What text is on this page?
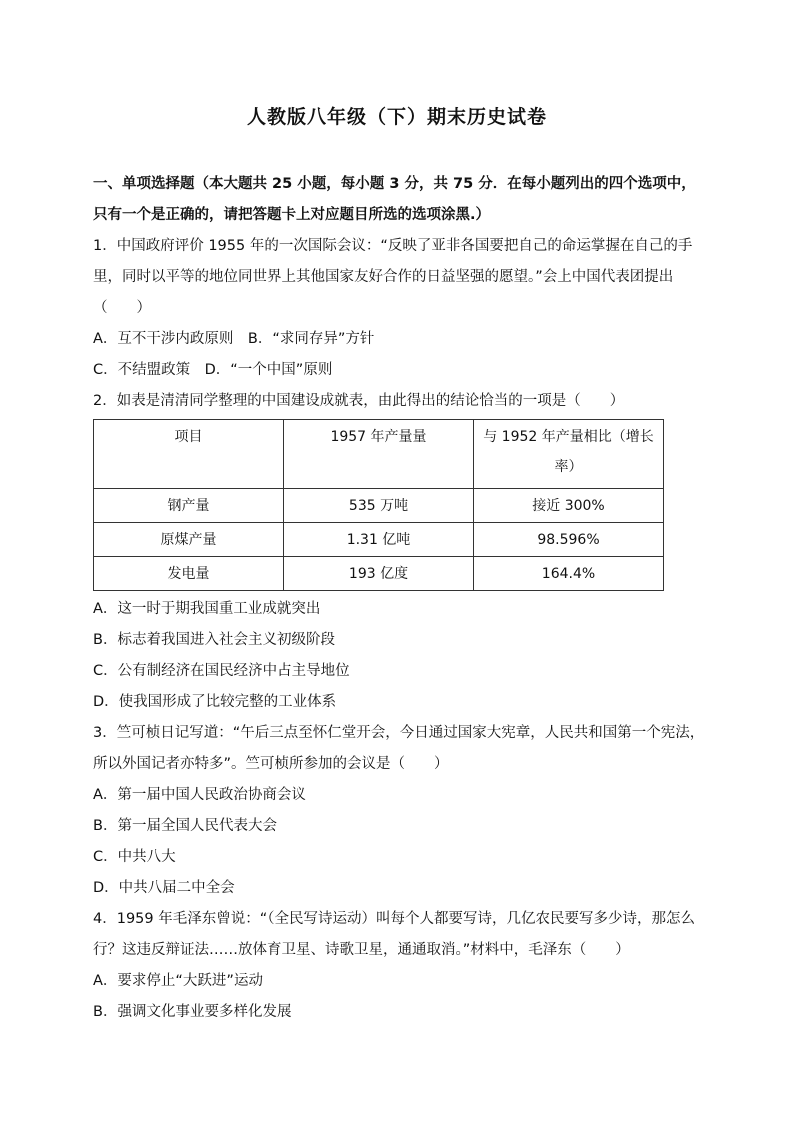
人教版八年级（下）期末历史试卷

一、单项选择题（本大题共 25 小题，每小题 3 分，共 75 分．在每小题列出的四个选项中，只有一个是正确的，请把答题卡上对应题目所选的选项涂黑.）

1．中国政府评价 1955 年的一次国际会议：“反映了亚非各国要把自己的命运掌握在自己的手里，同时以平等的地位同世界上其他国家友好合作的日益坚强的愿望。”会上中国代表团提出（　　）

A．互不干涉内政原则　B．“求同存异”方针

C．不结盟政策　D．“一个中国”原则

2．如表是清清同学整理的中国建设成就表，由此得出的结论恰当的一项是（　　）

项目	1957 年产量量	与 1952 年产量相比（增长率）
钢产量	535 万吨	接近 300%
原煤产量	1.31 亿吨	98.596%
发电量	193 亿度	164.4%

A．这一时于期我国重工业成就突出

B．标志着我国进入社会主义初级阶段

C．公有制经济在国民经济中占主导地位

D．使我国形成了比较完整的工业体系

3．竺可桢日记写道：“午后三点至怀仁堂开会，今日通过国家大宪章，人民共和国第一个宪法，所以外国记者亦特多”。竺可桢所参加的会议是（　　）

A．第一届中国人民政治协商会议

B．第一届全国人民代表大会

C．中共八大

D．中共八届二中全会

4．1959 年毛泽东曾说：“（全民写诗运动）叫每个人都要写诗，几亿农民要写多少诗，那怎么行？这违反辩证法……放体育卫星、诗歌卫星，通通取消。”材料中，毛泽东（　　）

A．要求停止“大跃进”运动

B．强调文化事业要多样化发展
